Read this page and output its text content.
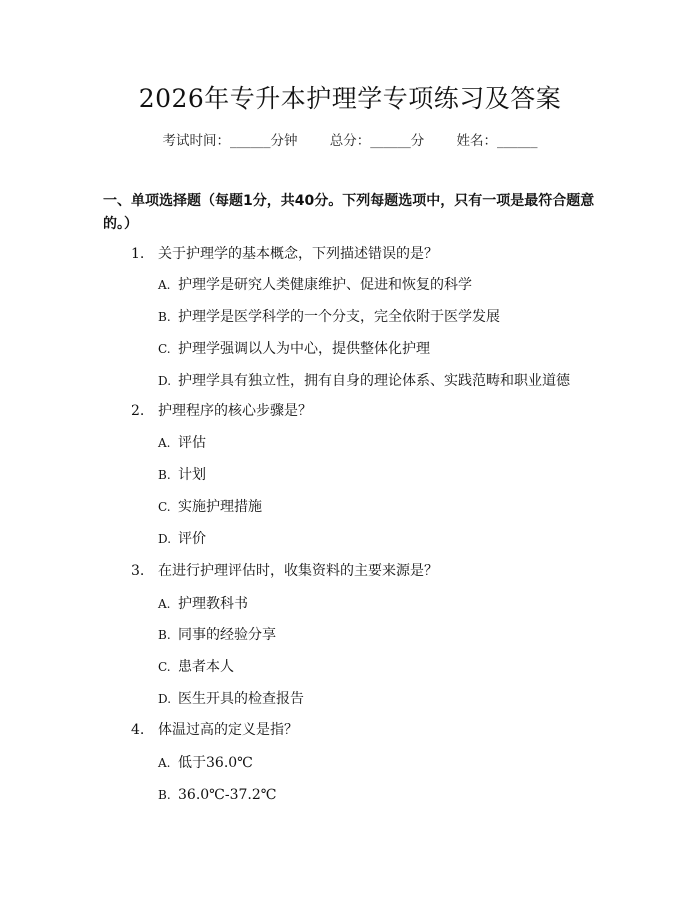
2026年专升本护理学专项练习及答案
考试时间：______分钟 总分：______分 姓名：______
一、单项选择题（每题1分，共40分。下列每题选项中，只有一项是最符合题意的。）
1. 关于护理学的基本概念，下列描述错误的是？
A. 护理学是研究人类健康维护、促进和恢复的科学
B. 护理学是医学科学的一个分支，完全依附于医学发展
C. 护理学强调以人为中心，提供整体化护理
D. 护理学具有独立性，拥有自身的理论体系、实践范畴和职业道德
2. 护理程序的核心步骤是？
A. 评估
B. 计划
C. 实施护理措施
D. 评价
3. 在进行护理评估时，收集资料的主要来源是？
A. 护理教科书
B. 同事的经验分享
C. 患者本人
D. 医生开具的检查报告
4. 体温过高的定义是指？
A. 低于36.0℃
B. 36.0℃-37.2℃
